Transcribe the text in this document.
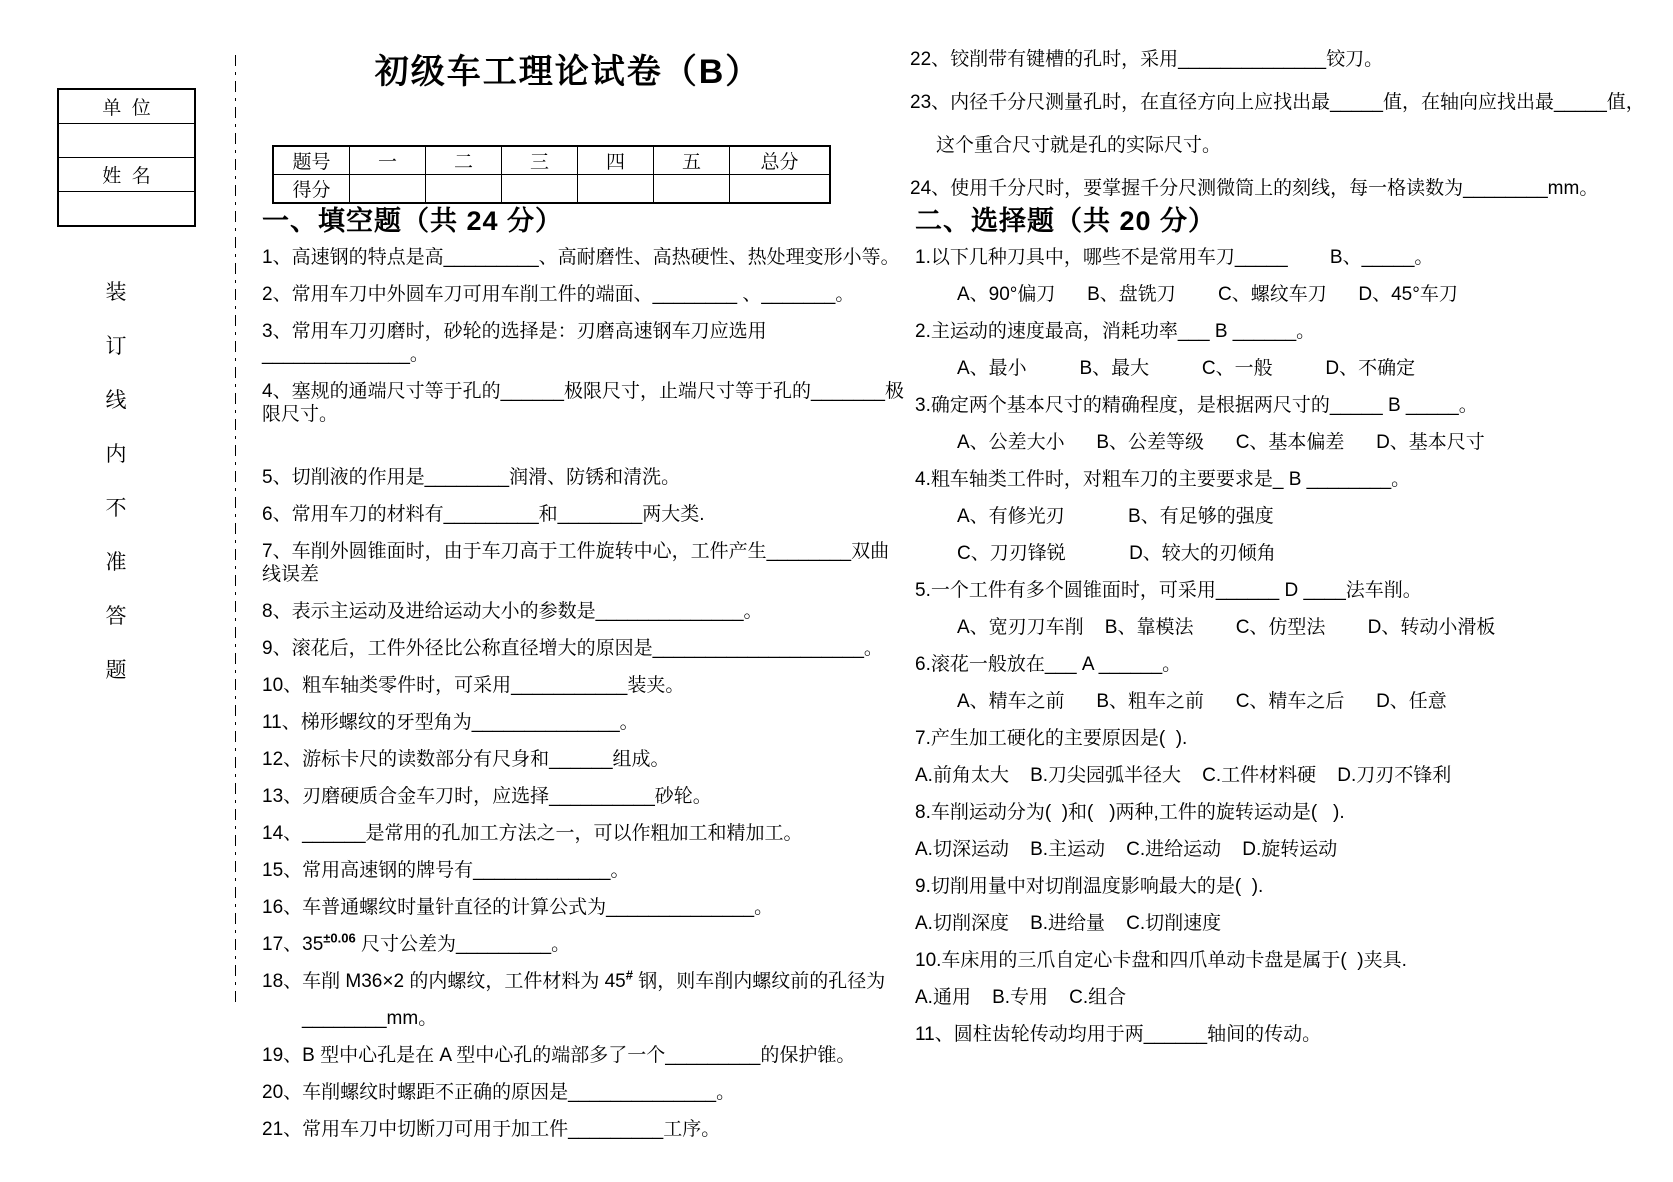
单  位
姓  名
装
订
线
内
不
准
答
题
初级车工理论试卷（B）
题号	一	二	三	四	五	总分
得分						
一、填空题（共 24 分）
1、高速钢的特点是高_________、高耐磨性、高热硬性、热处理变形小等。
2、常用车刀中外圆车刀可用车削工件的端面、________ 、_______。
3、常用车刀刃磨时，砂轮的选择是：刃磨高速钢车刀应选用______________。
4、塞规的通端尺寸等于孔的______极限尺寸，止端尺寸等于孔的_______极限尺寸。
5、切削液的作用是________润滑、防锈和清洗。
6、常用车刀的材料有_________和________两大类.
7、车削外圆锥面时，由于车刀高于工件旋转中心，工件产生________双曲线误差
8、表示主运动及进给运动大小的参数是______________。
9、滚花后，工件外径比公称直径增大的原因是____________________。
10、粗车轴类零件时，可采用___________装夹。
11、梯形螺纹的牙型角为______________。
12、游标卡尺的读数部分有尺身和______组成。
13、刃磨硬质合金车刀时，应选择__________砂轮。
14、______是常用的孔加工方法之一，可以作粗加工和精加工。
15、常用高速钢的牌号有_____________。
16、车普通螺纹时量针直径的计算公式为______________。
17、$35^{\pm 0.06}$ 尺寸公差为_________。
18、车削 M36×2 的内螺纹，工件材料为 45# 钢，则车削内螺纹前的孔径为
________mm。
19、B 型中心孔是在 A 型中心孔的端部多了一个_________的保护锥。
20、车削螺纹时螺距不正确的原因是______________。
21、常用车刀中切断刀可用于加工件_________工序。
22、铰削带有键槽的孔时，采用______________铰刀。
23、内径千分尺测量孔时，在直径方向上应找出最_____值，在轴向应找出最_____值，
这个重合尺寸就是孔的实际尺寸。
24、使用千分尺时，要掌握千分尺测微筒上的刻线，每一格读数为________mm。
二、选择题（共 20 分）
1.以下几种刀具中，哪些不是常用车刀_____        B、_____。
A、90°偏刀      B、盘铣刀        C、螺纹车刀      D、45°车刀
2.主运动的速度最高，消耗功率___ B ______。
A、最小          B、最大          C、一般          D、不确定
3.确定两个基本尺寸的精确程度，是根据两尺寸的_____ B _____。
A、公差大小      B、公差等级      C、基本偏差      D、基本尺寸
4.粗车轴类工件时，对粗车刀的主要要求是_ B ________。
A、有修光刃            B、有足够的强度
C、刀刃锋锐            D、较大的刃倾角
5.一个工件有多个圆锥面时，可采用______ D ____法车削。
A、宽刃刀车削    B、靠模法        C、仿型法        D、转动小滑板
6.滚花一般放在___ A ______。
A、精车之前      B、粗车之前      C、精车之后      D、任意
7.产生加工硬化的主要原因是(  ).
A.前角太大    B.刀尖园弧半径大    C.工件材料硬    D.刀刃不锋利
8.车削运动分为(  )和(   )两种,工件的旋转运动是(   ).
A.切深运动    B.主运动    C.进给运动    D.旋转运动
9.切削用量中对切削温度影响最大的是(  ).
A.切削深度    B.进给量    C.切削速度
10.车床用的三爪自定心卡盘和四爪单动卡盘是属于(  )夹具.
A.通用    B.专用    C.组合
11、圆柱齿轮传动均用于两______轴间的传动。
